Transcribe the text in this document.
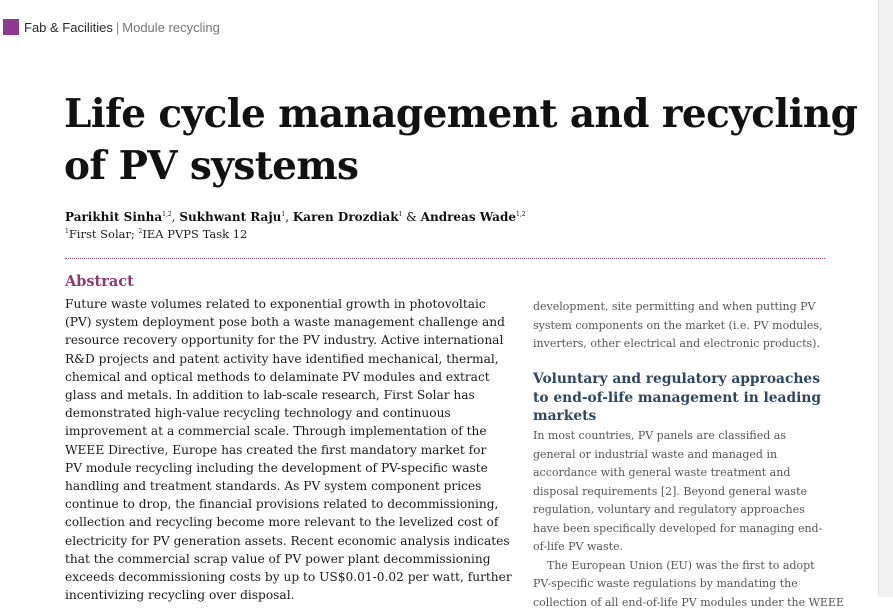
Fab & Facilities | Module recycling
Life cycle management and recycling
of PV systems
Parikhit Sinha$^{1,2}$, Sukhwant Raju$^1$, Karen Drozdiak$^1$ & Andreas Wade$^{1,2}$
$^1$First Solar; $^2$IEA PVPS Task 12
Abstract
Future waste volumes related to exponential growth in photovoltaic
(PV) system deployment pose both a waste management challenge and
resource recovery opportunity for the PV industry. Active international
R&D projects and patent activity have identified mechanical, thermal,
chemical and optical methods to delaminate PV modules and extract
glass and metals. In addition to lab-scale research, First Solar has
demonstrated high-value recycling technology and continuous
improvement at a commercial scale. Through implementation of the
WEEE Directive, Europe has created the first mandatory market for
PV module recycling including the development of PV-specific waste
handling and treatment standards. As PV system component prices
continue to drop, the financial provisions related to decommissioning,
collection and recycling become more relevant to the levelized cost of
electricity for PV generation assets. Recent economic analysis indicates
that the commercial scrap value of PV power plant decommissioning
exceeds decommissioning costs by up to US$0.01-0.02 per watt, further
incentivizing recycling over disposal.
development, site permitting and when putting PV
system components on the market (i.e. PV modules,
inverters, other electrical and electronic products).
Voluntary and regulatory approaches
to end-of-life management in leading
markets
In most countries, PV panels are classified as
general or industrial waste and managed in
accordance with general waste treatment and
disposal requirements [2]. Beyond general waste
regulation, voluntary and regulatory approaches
have been specifically developed for managing end-
of-life PV waste.
The European Union (EU) was the first to adopt
PV-specific waste regulations by mandating the
collection of all end-of-life PV modules under the WEEE
